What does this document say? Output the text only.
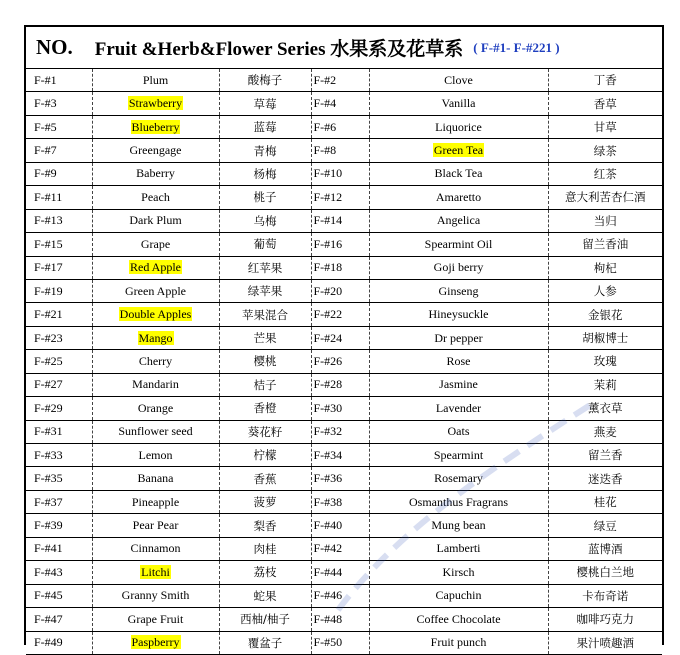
NO. Fruit &Herb&Flower Series 水果系及花草系 ( F-#1- F-#221 )
F-#1	Plum	酸梅子	F-#2	Clove	丁香
F-#3	Strawberry	草莓	F-#4	Vanilla	香草
F-#5	Blueberry	蓝莓	F-#6	Liquorice	甘草
F-#7	Greengage	青梅	F-#8	Green Tea	绿茶
F-#9	Baberry	杨梅	F-#10	Black Tea	红茶
F-#11	Peach	桃子	F-#12	Amaretto	意大利苦杏仁酒
F-#13	Dark Plum	乌梅	F-#14	Angelica	当归
F-#15	Grape	葡萄	F-#16	Spearmint Oil	留兰香油
F-#17	Red Apple	红苹果	F-#18	Goji berry	枸杞
F-#19	Green Apple	绿苹果	F-#20	Ginseng	人参
F-#21	Double Apples	苹果混合	F-#22	Hineysuckle	金银花
F-#23	Mango	芒果	F-#24	Dr pepper	胡椒博士
F-#25	Cherry	樱桃	F-#26	Rose	玫瑰
F-#27	Mandarin	桔子	F-#28	Jasmine	茉莉
F-#29	Orange	香橙	F-#30	Lavender	薰衣草
F-#31	Sunflower seed	葵花籽	F-#32	Oats	燕麦
F-#33	Lemon	柠檬	F-#34	Spearmint	留兰香
F-#35	Banana	香蕉	F-#36	Rosemary	迷迭香
F-#37	Pineapple	菠萝	F-#38	Osmanthus Fragrans	桂花
F-#39	Pear Pear	梨香	F-#40	Mung bean	绿豆
F-#41	Cinnamon	肉桂	F-#42	Lamberti	蓝博酒
F-#43	Litchi	荔枝	F-#44	Kirsch	樱桃白兰地
F-#45	Granny Smith	蛇果	F-#46	Capuchin	卡布奇诺
F-#47	Grape Fruit	西柚/柚子	F-#48	Coffee Chocolate	咖啡巧克力
F-#49	Paspberry	覆盆子	F-#50	Fruit punch	果汁喷趣酒
